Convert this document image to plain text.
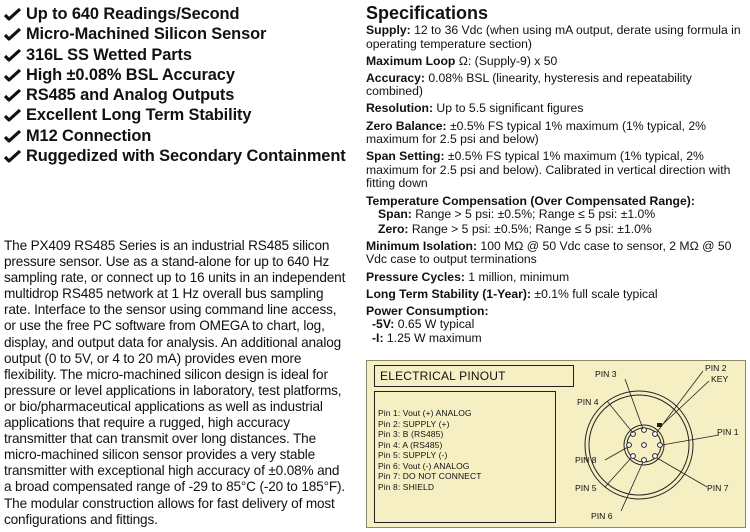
Up to 640 Readings/Second
Micro-Machined Silicon Sensor
316L SS Wetted Parts
High ±0.08% BSL Accuracy
RS485 and Analog Outputs
Excellent Long Term Stability
M12 Connection
Ruggedized with Secondary Containment

The PX409 RS485 Series is an industrial RS485 silicon pressure sensor. Use as a stand-alone for up to 640 Hz sampling rate, or connect up to 16 units in an independent multidrop RS485 network at 1 Hz overall bus sampling rate. Interface to the sensor using command line access, or use the free PC software from OMEGA to chart, log, display, and output data for analysis. An additional analog output (0 to 5V, or 4 to 20 mA) provides even more flexibility. The micro-machined silicon design is ideal for pressure or level applications in laboratory, test platforms, or bio/pharmaceutical applications as well as industrial applications that require a rugged, high accuracy transmitter that can transmit over long distances. The micro-machined silicon sensor provides a very stable transmitter with exceptional high accuracy of ±0.08% and a broad compensated range of -29 to 85°C (-20 to 185°F). The modular construction allows for fast delivery of most configurations and fittings.

Specifications

Supply: 12 to 36 Vdc (when using mA output, derate using formula in operating temperature section)

Maximum Loop Ω: (Supply-9) x 50

Accuracy: 0.08% BSL (linearity, hysteresis and repeatability combined)

Resolution: Up to 5.5 significant figures

Zero Balance: ±0.5% FS typical 1% maximum (1% typical, 2% maximum for 2.5 psi and below)

Span Setting: ±0.5% FS typical 1% maximum (1% typical, 2% maximum for 2.5 psi and below). Calibrated in vertical direction with fitting down

Temperature Compensation (Over Compensated Range):

Span: Range > 5 psi: ±0.5%; Range ≤ 5 psi: ±1.0%

Zero: Range > 5 psi: ±0.5%; Range ≤ 5 psi: ±1.0%

Minimum Isolation: 100 MΩ @ 50 Vdc case to sensor, 2 MΩ @ 50 Vdc case to output terminations

Pressure Cycles: 1 million, minimum

Long Term Stability (1-Year): ±0.1% full scale typical

Power Consumption:

-5V: 0.65 W typical

-I: 1.25 W maximum

ELECTRICAL PINOUT
Pin 1: Vout (+) ANALOG
Pin 2: SUPPLY (+)
Pin 3: B (RS485)
Pin 4: A (RS485)
Pin 5: SUPPLY (-)
Pin 6: Vout (-) ANALOG
Pin 7: DO NOT CONNECT
Pin 8: SHIELD
PIN 3
PIN 4
PIN 8
PIN 5
PIN 6
PIN 2
KEY
PIN 1
PIN 7
